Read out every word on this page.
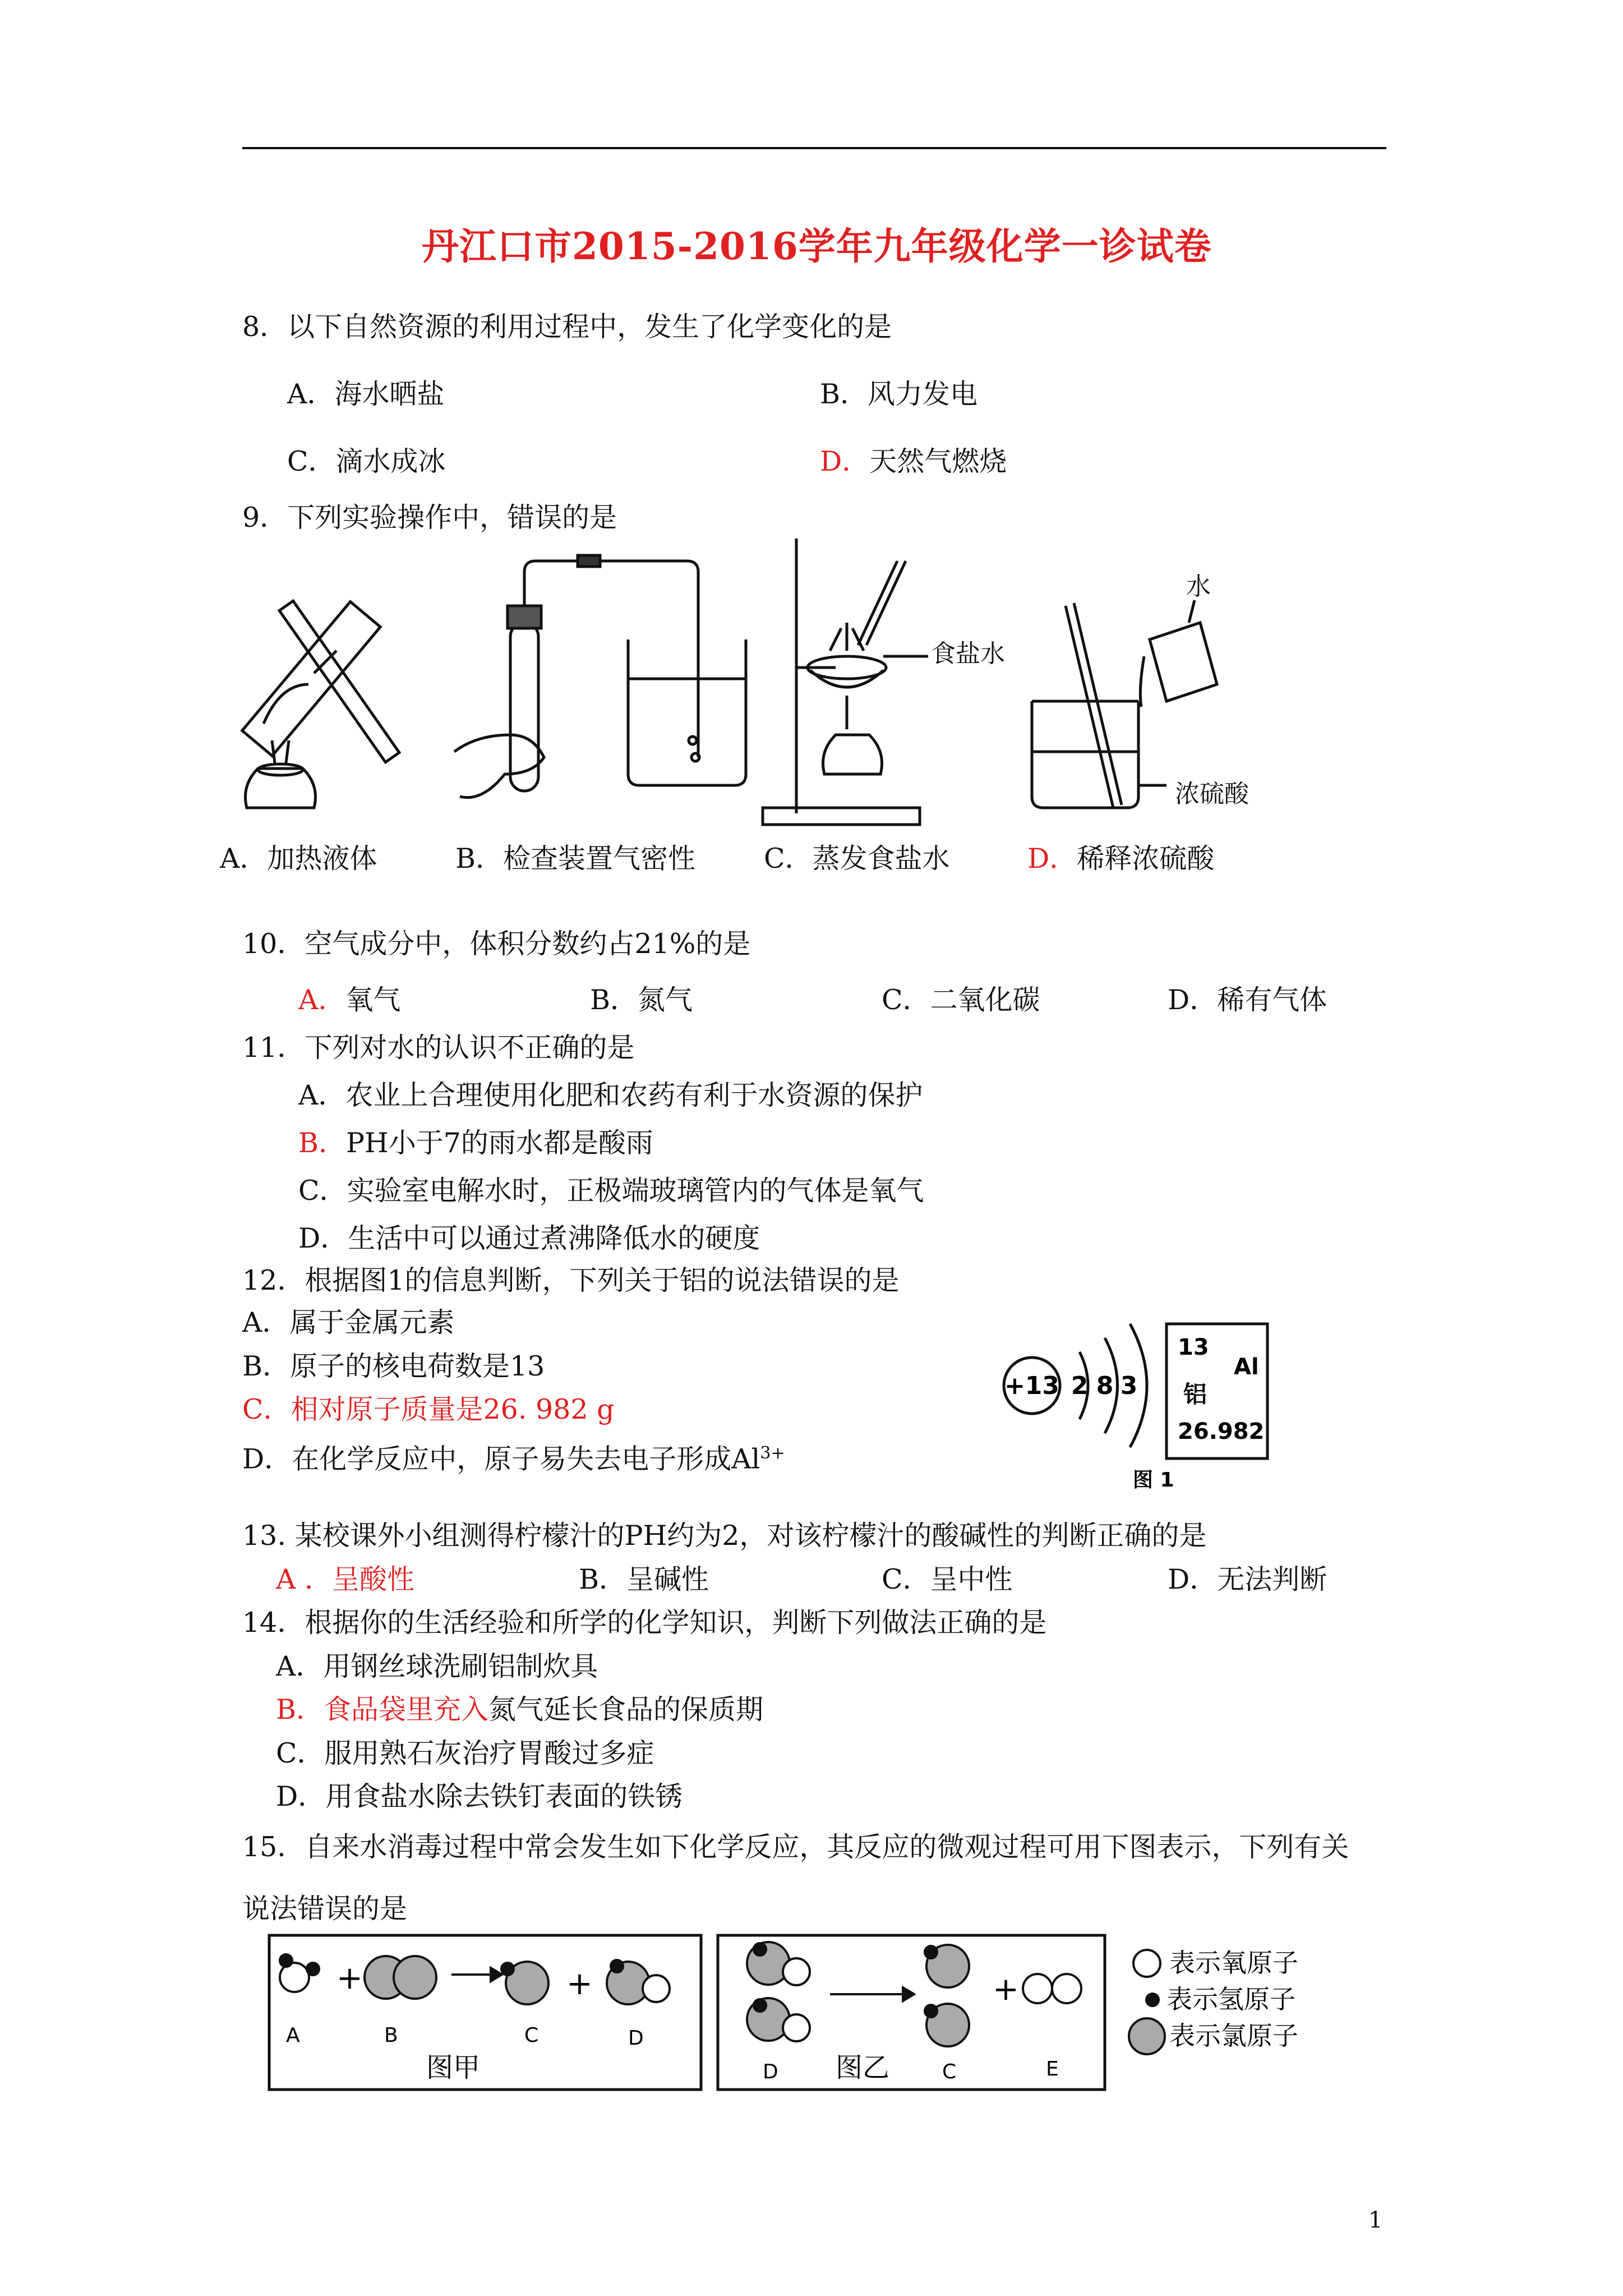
丹江口市2015-2016学年九年级化学一诊试卷
8．以下自然资源的利用过程中，发生了化学变化的是
A．海水晒盐	B．风力发电
C．滴水成冰	D．天然气燃烧
9．下列实验操作中，错误的是
食盐水
水
浓硫酸
A．加热液体	B．检查装置气密性 C．蒸发食盐水	D．稀释浓硫酸
10．空气成分中，体积分数约占21%的是
A．氧气	B．氮气	C．二氧化碳	D．稀有气体
11．下列对水的认识不正确的是
A．农业上合理使用化肥和农药有利于水资源的保护
B．PH小于7的雨水都是酸雨
C．实验室电解水时，正极端玻璃管内的气体是氧气
D．生活中可以通过煮沸降低水的硬度
12．根据图1的信息判断，下列关于铝的说法错误的是
A．属于金属元素
B．原子的核电荷数是13
C．相对原子质量是26. 982 g
D．在化学反应中，原子易失去电子形成$Al^{3+}$
+13 2 8 3
13
Al
铝
26.982
图 1
13. 某校课外小组测得柠檬汁的PH约为2，对该柠檬汁的酸碱性的判断正确的是
A ．呈酸性	B．呈碱性	C．呈中性	D．无法判断
14．根据你的生活经验和所学的化学知识，判断下列做法正确的是
A．用钢丝球洗刷铝制炊具
B．食品袋里充入氮气延长食品的保质期
C．服用熟石灰治疗胃酸过多症
D．用食盐水除去铁钉表面的铁锈
15．自来水消毒过程中常会发生如下化学反应，其反应的微观过程可用下图表示，下列有关
说法错误的是
+	+
A	B	C	D
图甲
+
D	C	E
图乙
表示氧原子
表示氢原子
表示氯原子
1
